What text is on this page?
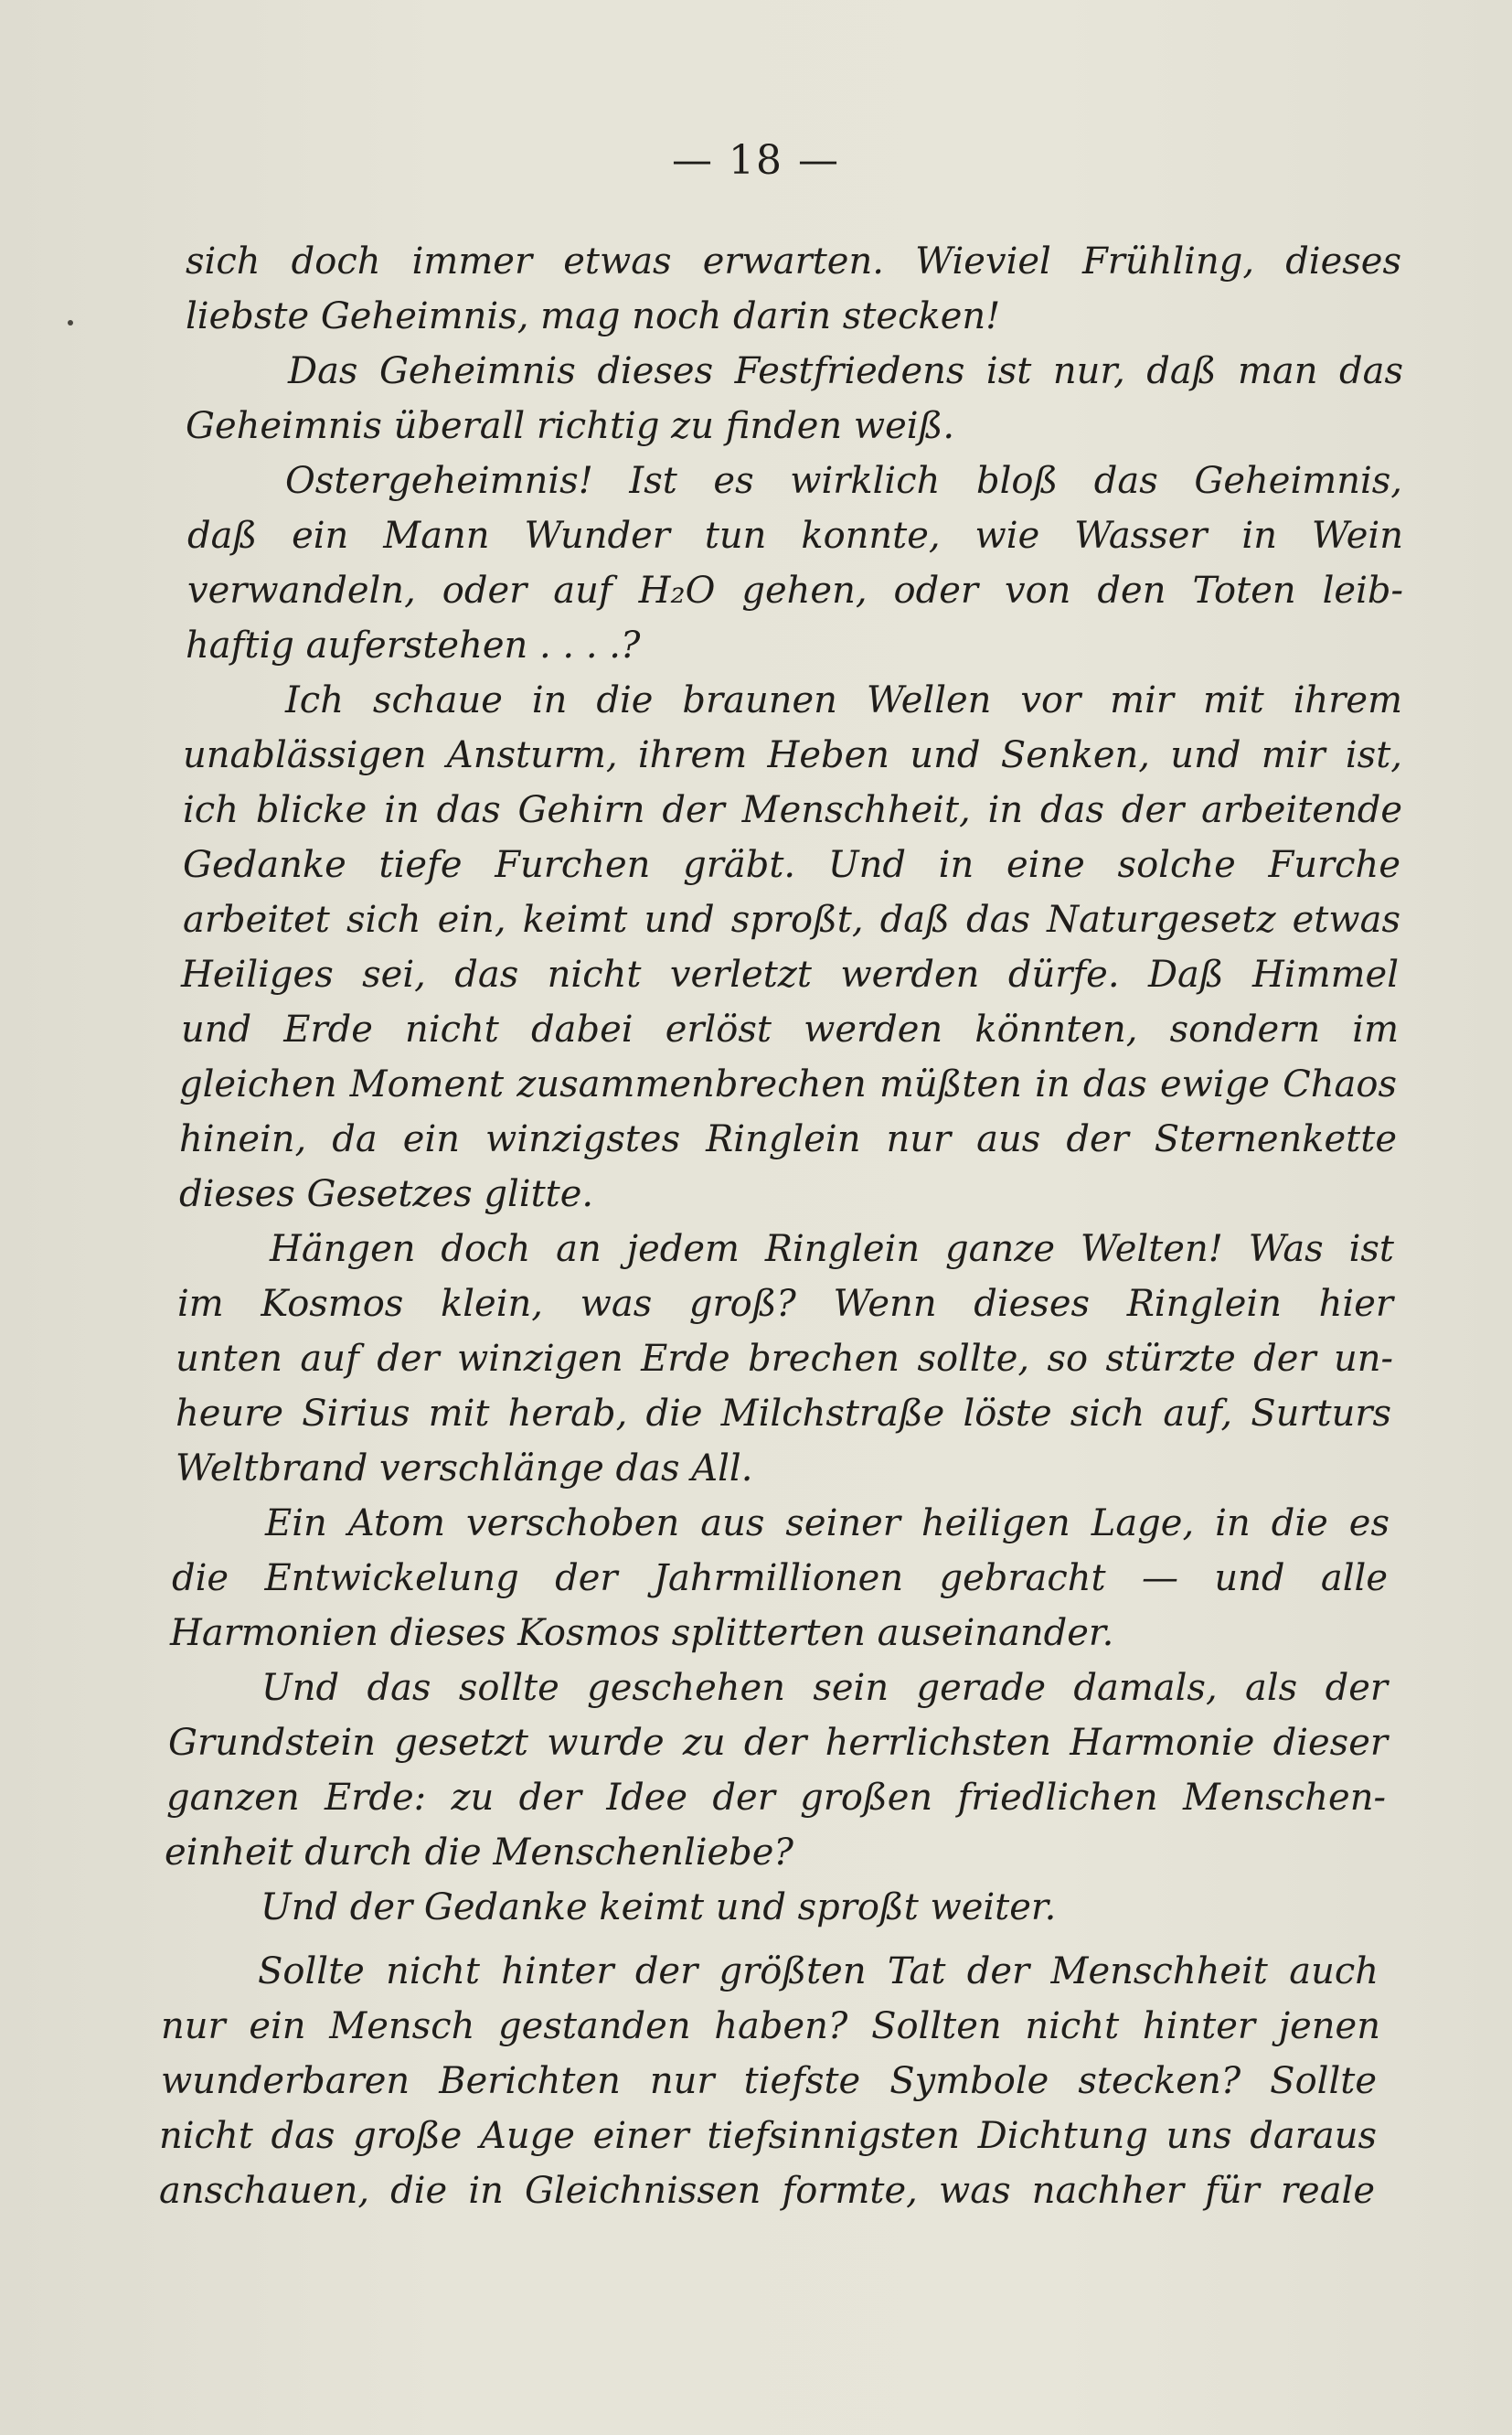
— 18 —
sich doch immer etwas erwarten. Wieviel Frühling, dieses
liebste Geheimnis, mag noch darin stecken!
Das Geheimnis dieses Festfriedens ist nur, daß man das
Geheimnis überall richtig zu finden weiß.
Ostergeheimnis! Ist es wirklich bloß das Geheimnis,
daß ein Mann Wunder tun konnte, wie Wasser in Wein
verwandeln, oder auf H₂O gehen, oder von den Toten leib-
haftig auferstehen . . . .?
Ich schaue in die braunen Wellen vor mir mit ihrem
unablässigen Ansturm, ihrem Heben und Senken, und mir ist,
ich blicke in das Gehirn der Menschheit, in das der arbeitende
Gedanke tiefe Furchen gräbt. Und in eine solche Furche
arbeitet sich ein, keimt und sproßt, daß das Naturgesetz etwas
Heiliges sei, das nicht verletzt werden dürfe. Daß Himmel
und Erde nicht dabei erlöst werden könnten, sondern im
gleichen Moment zusammenbrechen müßten in das ewige Chaos
hinein, da ein winzigstes Ringlein nur aus der Sternenkette
dieses Gesetzes glitte.
Hängen doch an jedem Ringlein ganze Welten! Was ist
im Kosmos klein, was groß? Wenn dieses Ringlein hier
unten auf der winzigen Erde brechen sollte, so stürzte der un-
heure Sirius mit herab, die Milchstraße löste sich auf, Surturs
Weltbrand verschlänge das All.
Ein Atom verschoben aus seiner heiligen Lage, in die es
die Entwickelung der Jahrmillionen gebracht — und alle
Harmonien dieses Kosmos splitterten auseinander.
Und das sollte geschehen sein gerade damals, als der
Grundstein gesetzt wurde zu der herrlichsten Harmonie dieser
ganzen Erde: zu der Idee der großen friedlichen Menschen-
einheit durch die Menschenliebe?
Und der Gedanke keimt und sproßt weiter.
Sollte nicht hinter der größten Tat der Menschheit auch
nur ein Mensch gestanden haben? Sollten nicht hinter jenen
wunderbaren Berichten nur tiefste Symbole stecken? Sollte
nicht das große Auge einer tiefsinnigsten Dichtung uns daraus
anschauen, die in Gleichnissen formte, was nachher für reale
